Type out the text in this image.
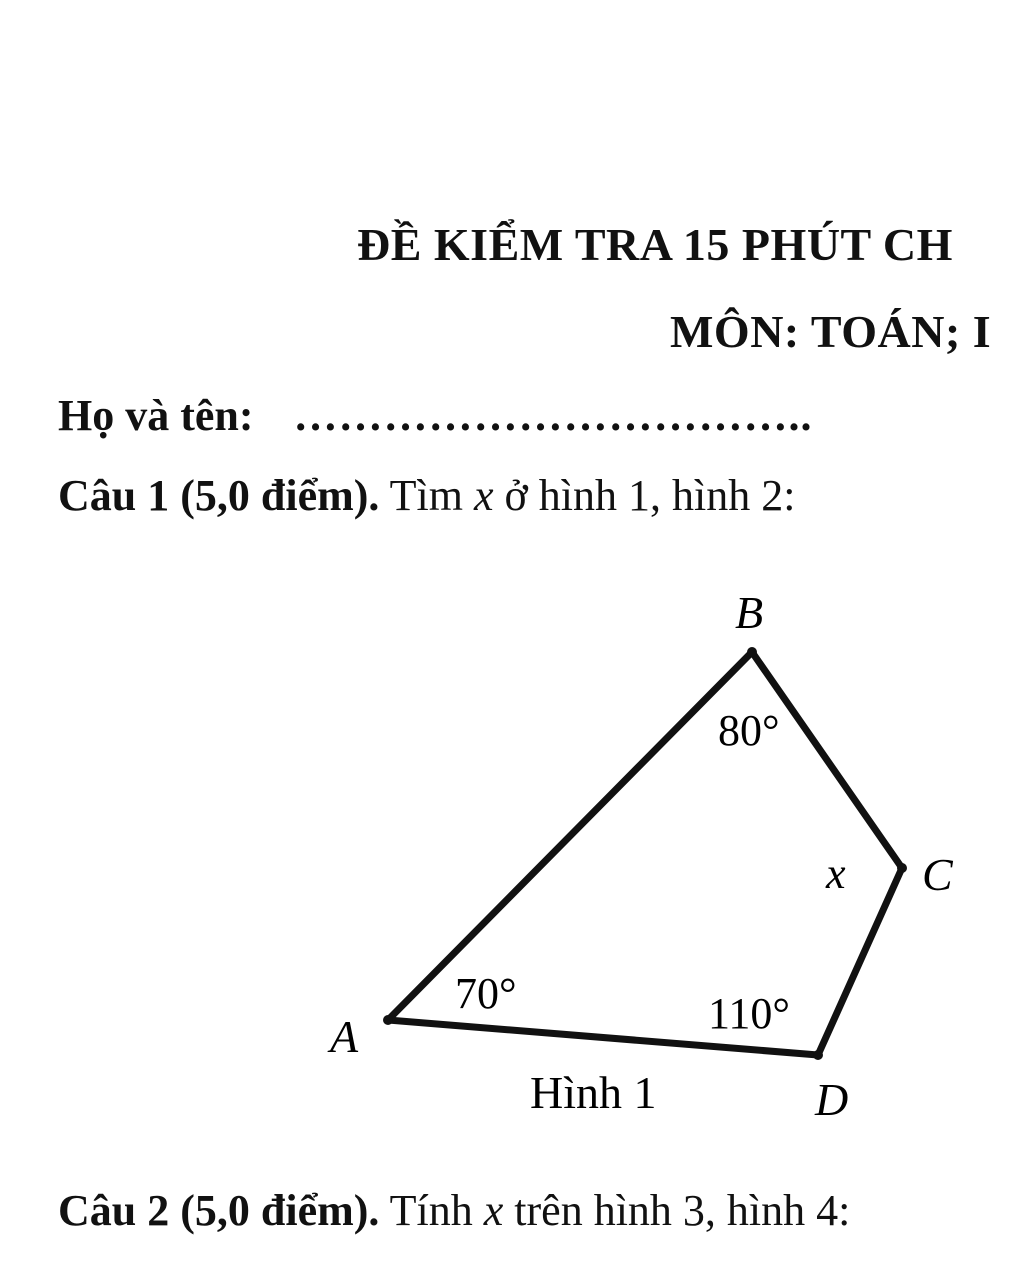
ĐỀ KIỂM TRA 15 PHÚT CH
MÔN: TOÁN; I
Họ và tên: ……………………………..
Câu 1 (5,0 điểm). Tìm x ở hình 1, hình 2:
B
C
A
D
80°
x
70°	110°
Hình 1
Câu 2 (5,0 điểm). Tính x trên hình 3, hình 4:
